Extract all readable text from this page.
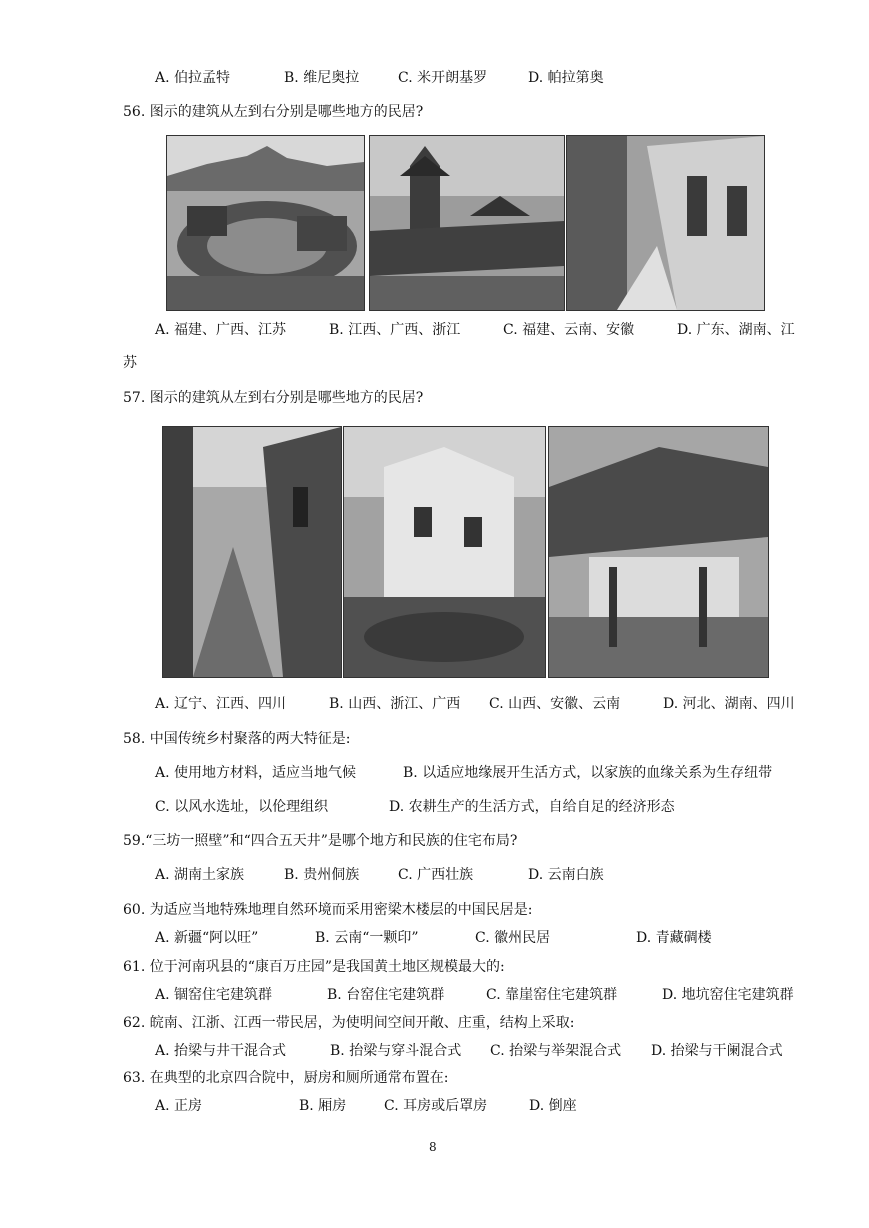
A. 伯拉孟特	B. 维尼奥拉	C. 米开朗基罗	D. 帕拉第奥
56. 图示的建筑从左到右分别是哪些地方的民居?
A. 福建、广西、江苏	B. 江西、广西、浙江	C. 福建、云南、安徽	D. 广东、湖南、江
苏
57. 图示的建筑从左到右分别是哪些地方的民居?
A. 辽宁、江西、四川	B. 山西、浙江、广西 C. 山西、安徽、云南	D. 河北、湖南、四川
58. 中国传统乡村聚落的两大特征是:
A. 使用地方材料，适应当地气候	B. 以适应地缘展开生活方式，以家族的血缘关系为生存纽带
C. 以风水选址，以伦理组织	D. 农耕生产的生活方式，自给自足的经济形态
59.“三坊一照壁”和“四合五天井”是哪个地方和民族的住宅布局?
A. 湖南土家族	B. 贵州侗族	C. 广西壮族	D. 云南白族
60. 为适应当地特殊地理自然环境而采用密梁木楼层的中国民居是:
A. 新疆“阿以旺”	B. 云南“一颗印”	C. 徽州民居	D. 青藏碉楼
61. 位于河南巩县的“康百万庄园”是我国黄土地区规模最大的:
A. 锢窑住宅建筑群	B. 台窑住宅建筑群	C. 靠崖窑住宅建筑群	D. 地坑窑住宅建筑群
62. 皖南、江浙、江西一带民居，为使明间空间开敞、庄重，结构上采取:
A. 抬梁与井干混合式	B. 抬梁与穿斗混合式 C. 抬梁与举架混合式 D. 抬梁与干阑混合式
63. 在典型的北京四合院中，厨房和厕所通常布置在:
A. 正房	B. 厢房	C. 耳房或后罩房	D. 倒座
8
